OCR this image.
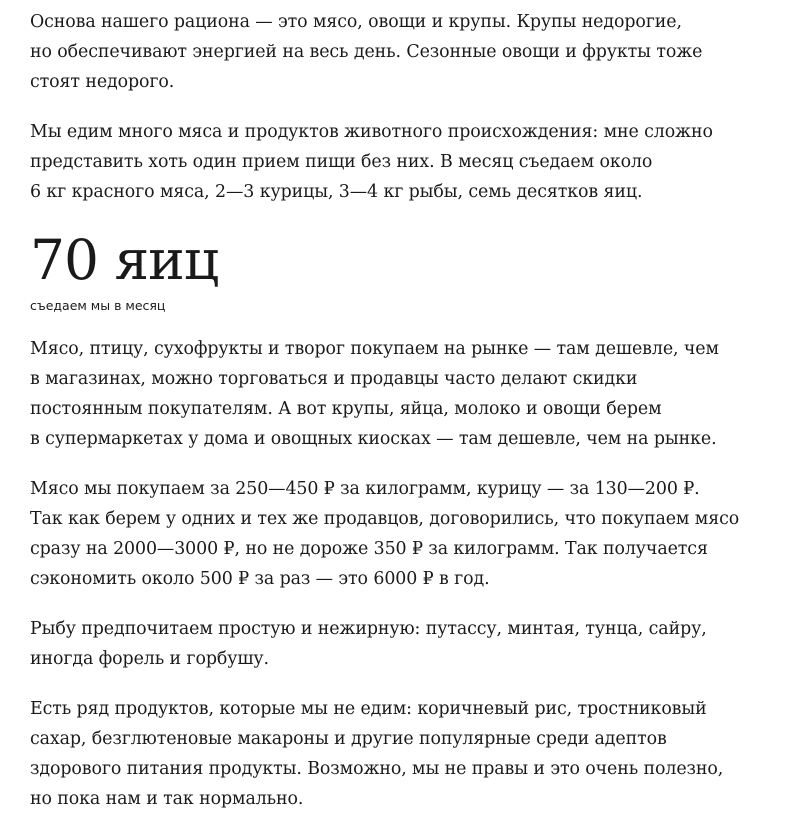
Основа нашего рациона — это мясо, овощи и крупы. Крупы недорогие,
но обеспечивают энергией на весь день. Сезонные овощи и фрукты тоже
стоят недорого.

Мы едим много мяса и продуктов животного происхождения: мне сложно
представить хоть один прием пищи без них. В месяц съедаем около
6 кг красного мяса, 2—3 курицы, 3—4 кг рыбы, семь десятков яиц.

70 яиц
съедаем мы в месяц

Мясо, птицу, сухофрукты и творог покупаем на рынке — там дешевле, чем
в магазинах, можно торговаться и продавцы часто делают скидки
постоянным покупателям. А вот крупы, яйца, молоко и овощи берем
в супермаркетах у дома и овощных киосках — там дешевле, чем на рынке.

Мясо мы покупаем за 250—450 ₽ за килограмм, курицу — за 130—200 ₽.
Так как берем у одних и тех же продавцов, договорились, что покупаем мясо
сразу на 2000—3000 ₽, но не дороже 350 ₽ за килограмм. Так получается
сэкономить около 500 ₽ за раз — это 6000 ₽ в год.

Рыбу предпочитаем простую и нежирную: путассу, минтая, тунца, сайру,
иногда форель и горбушу.

Есть ряд продуктов, которые мы не едим: коричневый рис, тростниковый
сахар, безглютеновые макароны и другие популярные среди адептов
здорового питания продукты. Возможно, мы не правы и это очень полезно,
но пока нам и так нормально.
